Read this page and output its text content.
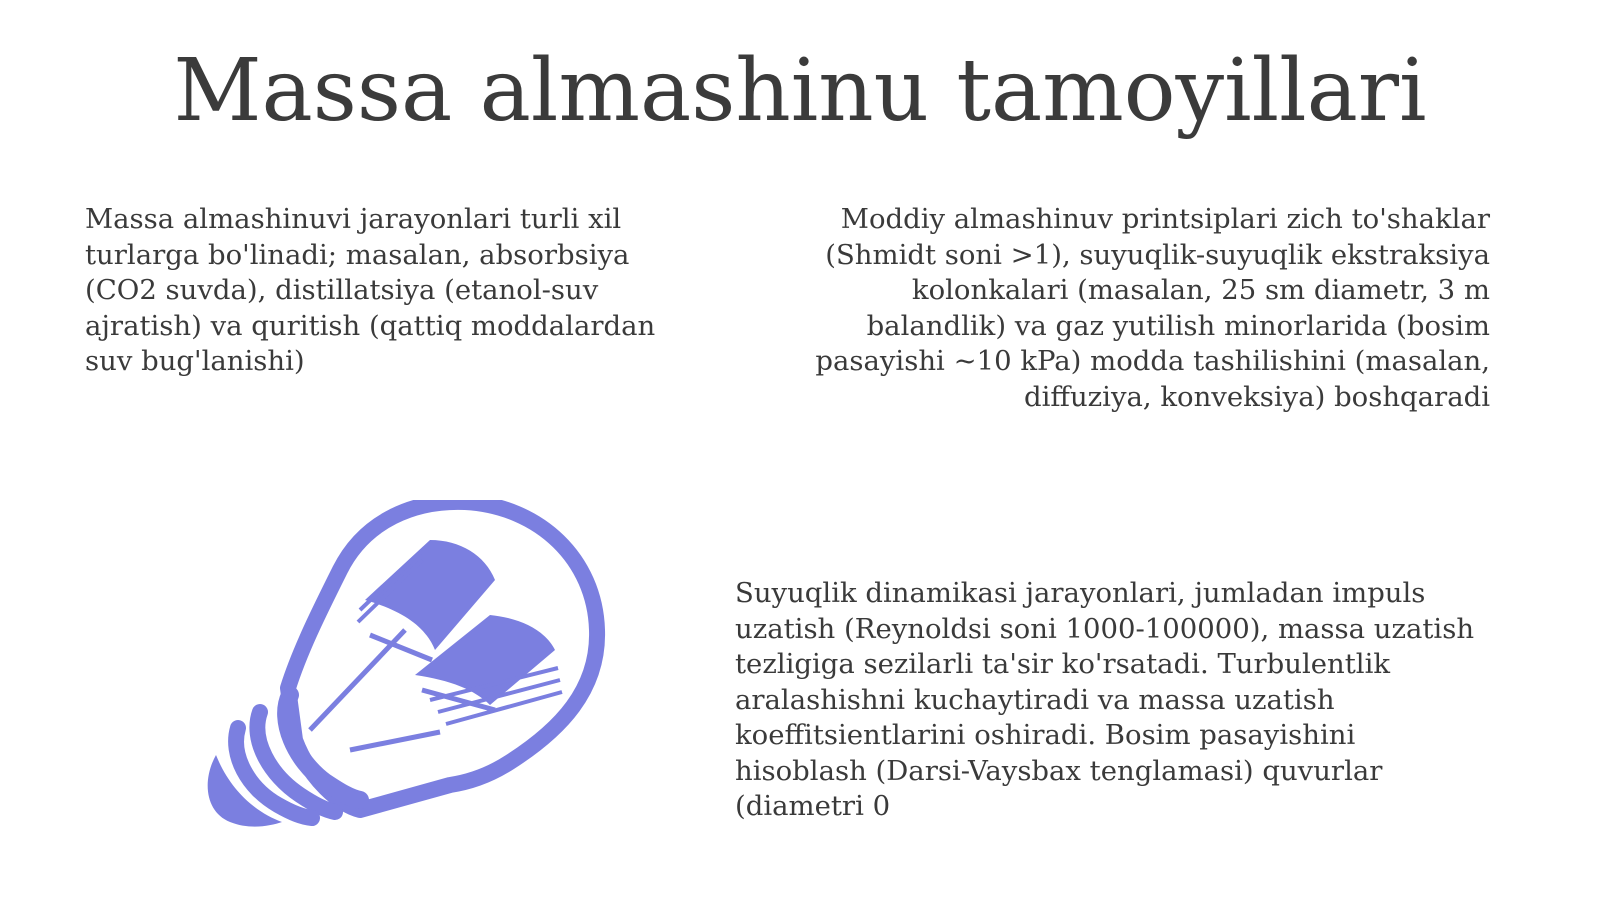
Massa almashinu tamoyillari
Massa almashinuvi jarayonlari turli xil turlarga bo'linadi; masalan, absorbsiya (CO2 suvda), distillatsiya (etanol-suv ajratish) va quritish (qattiq moddalardan suv bug'lanishi)
Moddiy almashinuv printsiplari zich to'shaklar (Shmidt soni >1), suyuqlik-suyuqlik ekstraksiya kolonkalari (masalan, 25 sm diametr, 3 m balandlik) va gaz yutilish minorlarida (bosim pasayishi ~10 kPa) modda tashilishini (masalan, diffuziya, konveksiya) boshqaradi
Suyuqlik dinamikasi jarayonlari, jumladan impuls uzatish (Reynoldsi soni 1000-100000), massa uzatish tezligiga sezilarli ta'sir ko'rsatadi. Turbulentlik aralashishni kuchaytiradi va massa uzatish koeffitsientlarini oshiradi. Bosim pasayishini hisoblash (Darsi-Vaysbax tenglamasi) quvurlar (diametri 0
